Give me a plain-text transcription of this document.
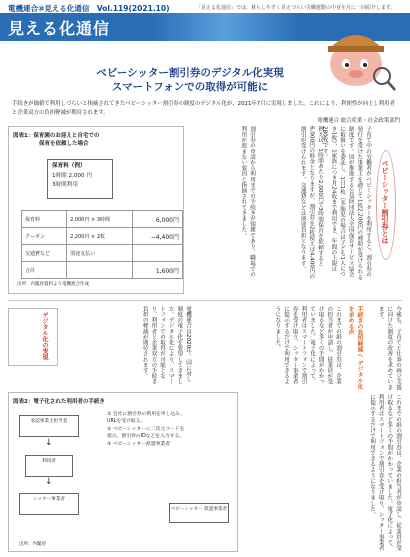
電機連合⑩見える化通信　 Vol.119(2021.10)	「見える化通信」では、暮らしやすく見えづらい労働運動の中身を月に一回紹介します。
見える化通信
ベビーシッター割引券のデジタル化実現
スマートフォンでの取得が可能に
手続きが価値で利用しづらいと指摘されてきたベビーシッター割引券の制度のデジタル化が、2021年7月に実現しました。これにより、利便性が向上し利用者と企業双方の負担軽減が期待されます。
電機連合 総合産業・社会政策部門
図表1：保育園のお迎えと自宅での
保育を依頼した場合
保育料（例）
1時間 2,000 円
3時間利用
保育料	2,000円 × 3時間	6,000円
クーポン	2,200円 × 2枚	−4,400円
交通費など	別途支払い	
合計		1,600円
出所：内閣府資料より電機連合作成
子育て中の労働者がベビーシッターを利用すると、割引券の発行を受けた事業主を通じて1枚2,200円の補助が受けられる制度です。国が推進する公益財団法人全国保育サービス協会に取扱いを委託し、1日1枚（多胎児の場合は子ども1人につき1枚）、1家族につき月24枚まで利用でき、年間の上限は280枚です。
例えば、1時間あたり2,000円で3時間保育を依頼すると6,000円の料金となりますが、割引券を2枚使えば4,400円の割引が受けられます。交通費などは別途負担となります。
割引券の申請から利用までの手続きが煩雑であり、職場での利用が進まない要因と指摘されてきました。	ベビーシッター割引券とは
デジタル化の実現	電機連合は2020年、国に対し制度の電子化を要望してきました。デジタル化により、スマートフォンでの取得が可能となり、利用者と企業双方の手続き負担の軽減が期待されます。	これまでの紙の割引券は、企業の担当者が申請し、従業員が受け取るなど多くの手間がかかっていました。電子化によって、利用者はスマートフォンで割引券を受け取り、シッター事業者に提示するだけで利用できるようになりました。	手続きの負担軽減へ デジタル化を求める声	今後も、子育てと仕事の両立支援に向けた制度の改善を求めていきます。
図表2：電子化された利用者の手続き
承認事業主担当者
利用者
シッター事業者
↓
↓
ベビーシッター 派遣事業者
① 会社に割引券の利用を申し込み、URLを受け取る。
② ベビーシッターに二次元コードを提示。割引券のIDなどを入力する。
③ ベビーシッター派遣事業者
出所：内閣府	これまでの紙の割引券は、企業の担当者が申請し、従業員が受け取るなど多くの手間がかかっていました。電子化によって、利用者はスマートフォンで割引券を受け取り、シッター事業者に提示するだけで利用できるようになりました。
